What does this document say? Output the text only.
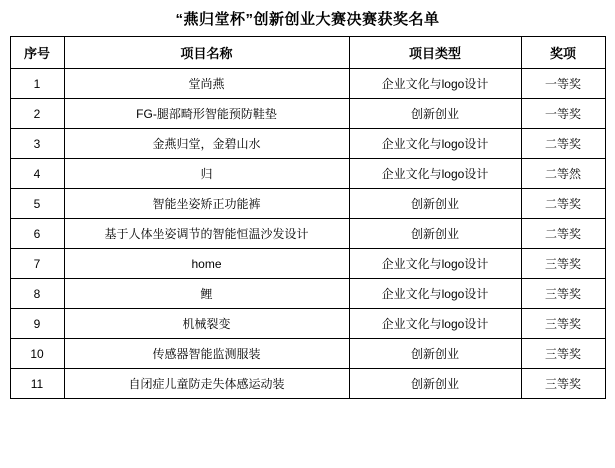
“燕归堂杯”创新创业大赛决赛获奖名单
序号	项目名称	项目类型	奖项
1	堂尚燕	企业文化与logo设计	一等奖
2	FG-腿部畸形智能预防鞋垫	创新创业	一等奖
3	金燕归堂，金碧山水	企业文化与logo设计	二等奖
4	归	企业文化与logo设计	二等然
5	智能坐姿矫正功能裤	创新创业	二等奖
6	基于人体坐姿调节的智能恒温沙发设计	创新创业	二等奖
7	home	企业文化与logo设计	三等奖
8	鲤	企业文化与logo设计	三等奖
9	机械裂变	企业文化与logo设计	三等奖
10	传感器智能监测服装	创新创业	三等奖
11	自闭症儿童防走失体感运动装	创新创业	三等奖
